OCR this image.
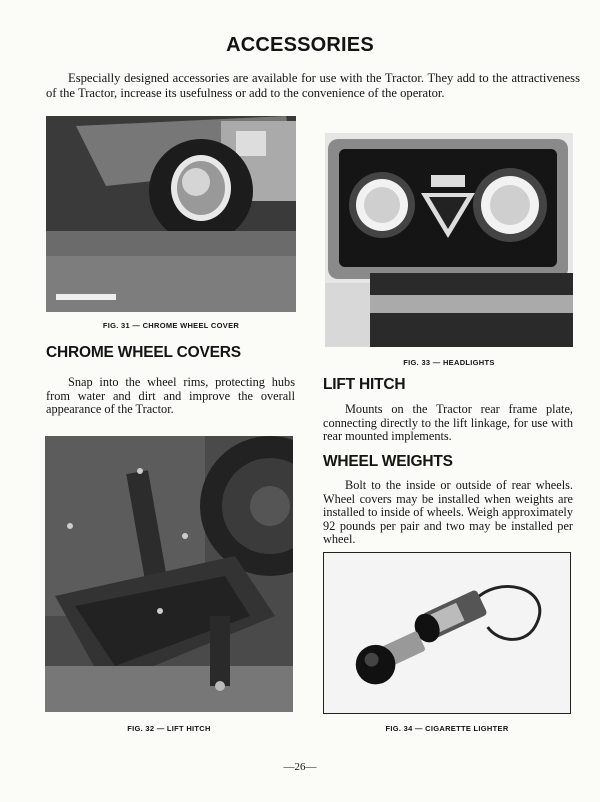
ACCESSORIES
Especially designed accessories are available for use with the Tractor. They add to the attractiveness of the Tractor, increase its usefulness or add to the convenience of the operator.
FIG. 31 — CHROME WHEEL COVER
CHROME WHEEL COVERS
Snap into the wheel rims, protecting hubs from water and dirt and improve the overall appearance of the Tractor.
FIG. 32 — LIFT HITCH
FIG. 33 — HEADLIGHTS
LIFT HITCH
Mounts on the Tractor rear frame plate, connecting directly to the lift linkage, for use with rear mounted implements.
WHEEL WEIGHTS
Bolt to the inside or outside of rear wheels. Wheel covers may be installed when weights are installed to inside of wheels. Weigh approximately 92 pounds per pair and two may be installed per wheel.
FIG. 34 — CIGARETTE LIGHTER
—26—
